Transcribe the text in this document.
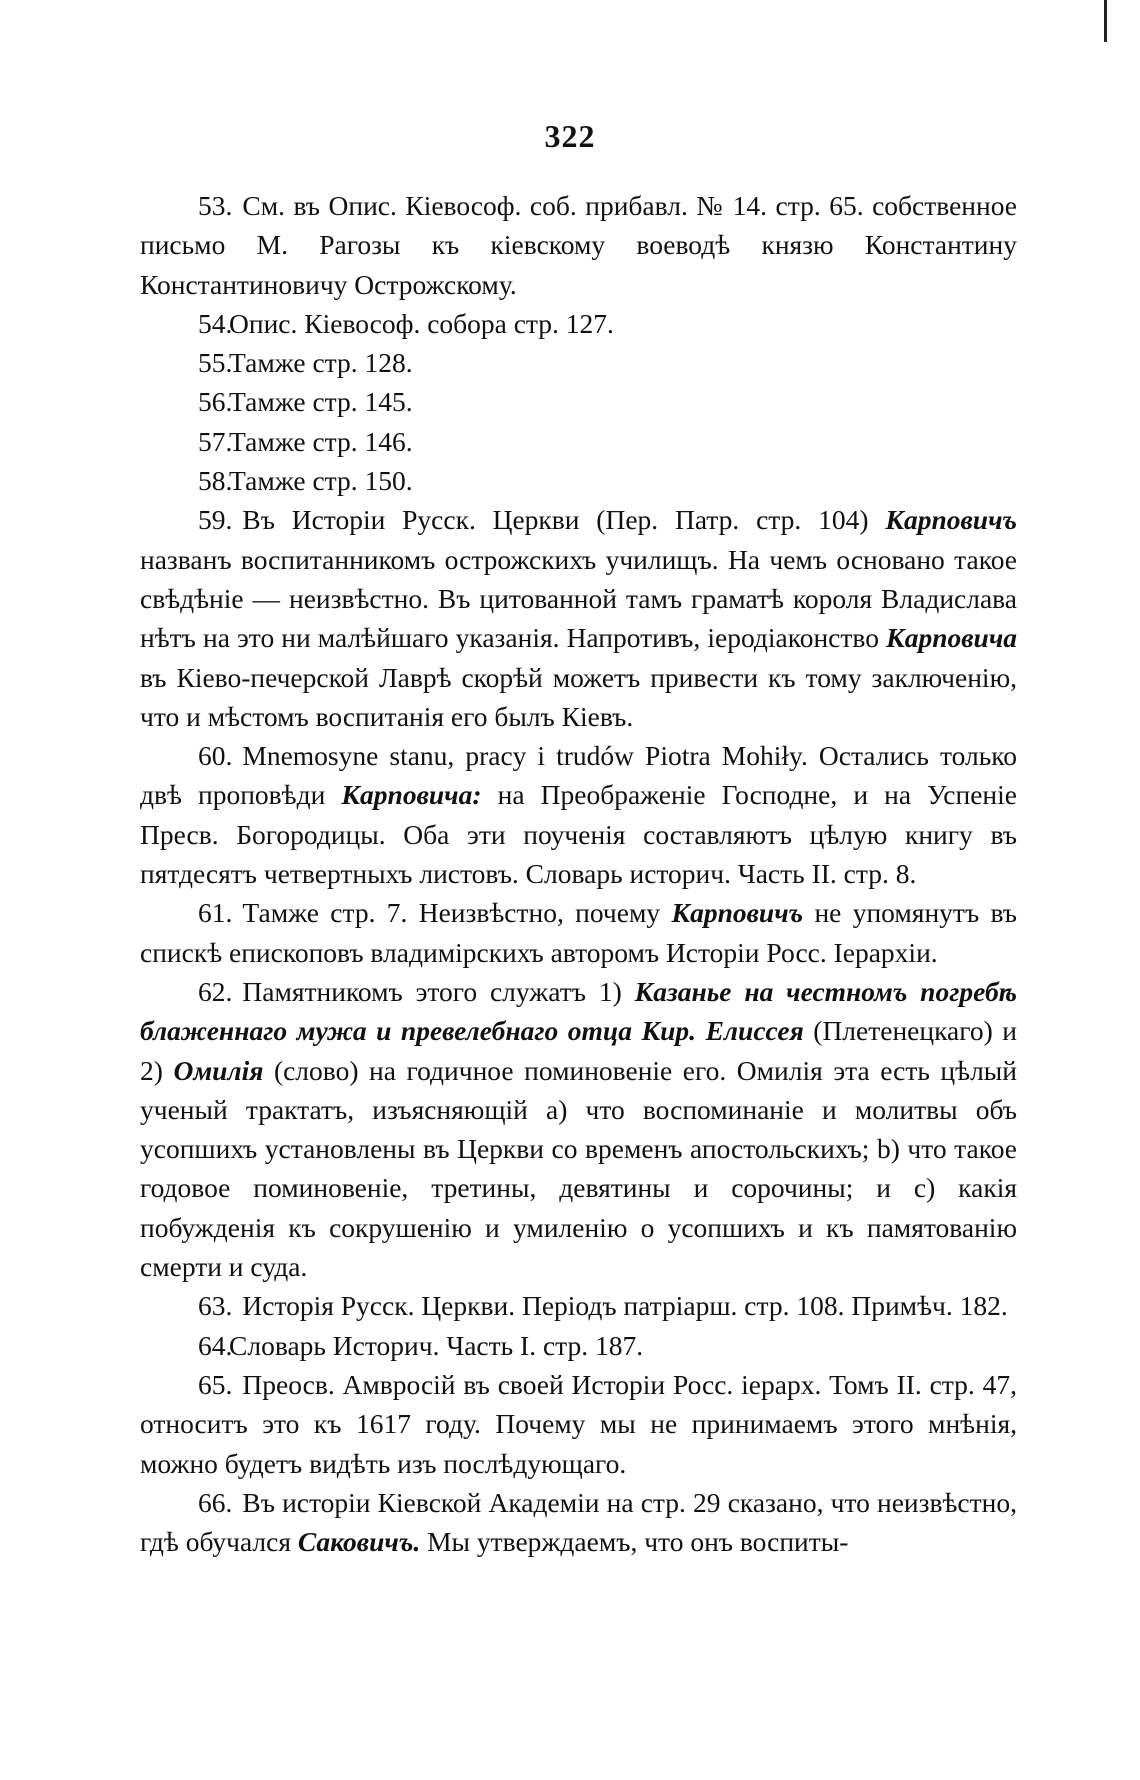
322

53. См. въ Опис. Кіевософ. соб. прибавл. № 14. стр. 65. собственное письмо М. Рагозы къ кіевскому воеводѣ князю Константину Константиновичу Острожскому.

54.Опис. Кіевософ. собора стр. 127.

55.Тамже стр. 128.

56.Тамже стр. 145.

57.Тамже стр. 146.

58.Тамже стр. 150.

59. Въ Исторіи Русск. Церкви (Пер. Патр. стр. 104) Карповичъ названъ воспитанникомъ острожскихъ училищъ. На чемъ основано такое свѣдѣніе — неизвѣстно. Въ цитованной тамъ граматѣ короля Владислава нѣтъ на это ни малѣйшаго указанія. Напротивъ, іеродіаконство Карповича въ Кіево-печерской Лаврѣ скорѣй можетъ привести къ тому заключенію, что и мѣстомъ воспитанія его былъ Кіевъ.

60. Mnemosyne stanu, pracy i trudów Piotra Mohiły. Остались только двѣ проповѣди Карповича: на Преображеніе Господне, и на Успеніе Пресв. Богородицы. Оба эти поученія составляютъ цѣлую книгу въ пятдесятъ четвертныхъ листовъ. Словарь историч. Часть II. стр. 8.

61. Тамже стр. 7. Неизвѣстно, почему Карповичъ не упомянутъ въ спискѣ епископовъ владимірскихъ авторомъ Исторіи Росс. Іерархіи.

62. Памятникомъ этого служатъ 1) Казанье на честномъ погребѣ блаженнаго мужа и превелебнаго отца Кир. Елиссея (Плетенецкаго) и 2) Омилія (слово) на годичное поминовеніе его. Омилія эта есть цѣлый ученый трактатъ, изъясняющій a) что воспоминаніе и молитвы объ усопшихъ установлены въ Церкви со временъ апостольскихъ; b) что такое годовое поминовеніе, третины, девятины и сорочины; и c) какія побужденія къ сокрушенію и умиленію о усопшихъ и къ памятованію смерти и суда.

63. Исторія Русск. Церкви. Періодъ патріарш. стр. 108. Примѣч. 182.

64.Словарь Историч. Часть I. стр. 187.

65. Преосв. Амвросій въ своей Исторіи Росс. іерарх. Томъ II. стр. 47, относитъ это къ 1617 году. Почему мы не принимаемъ этого мнѣнія, можно будетъ видѣть изъ послѣдующаго.

66. Въ исторіи Кіевской Академіи на стр. 29 сказано, что неизвѣстно, гдѣ обучался Саковичъ. Мы утверждаемъ, что онъ воспиты-
